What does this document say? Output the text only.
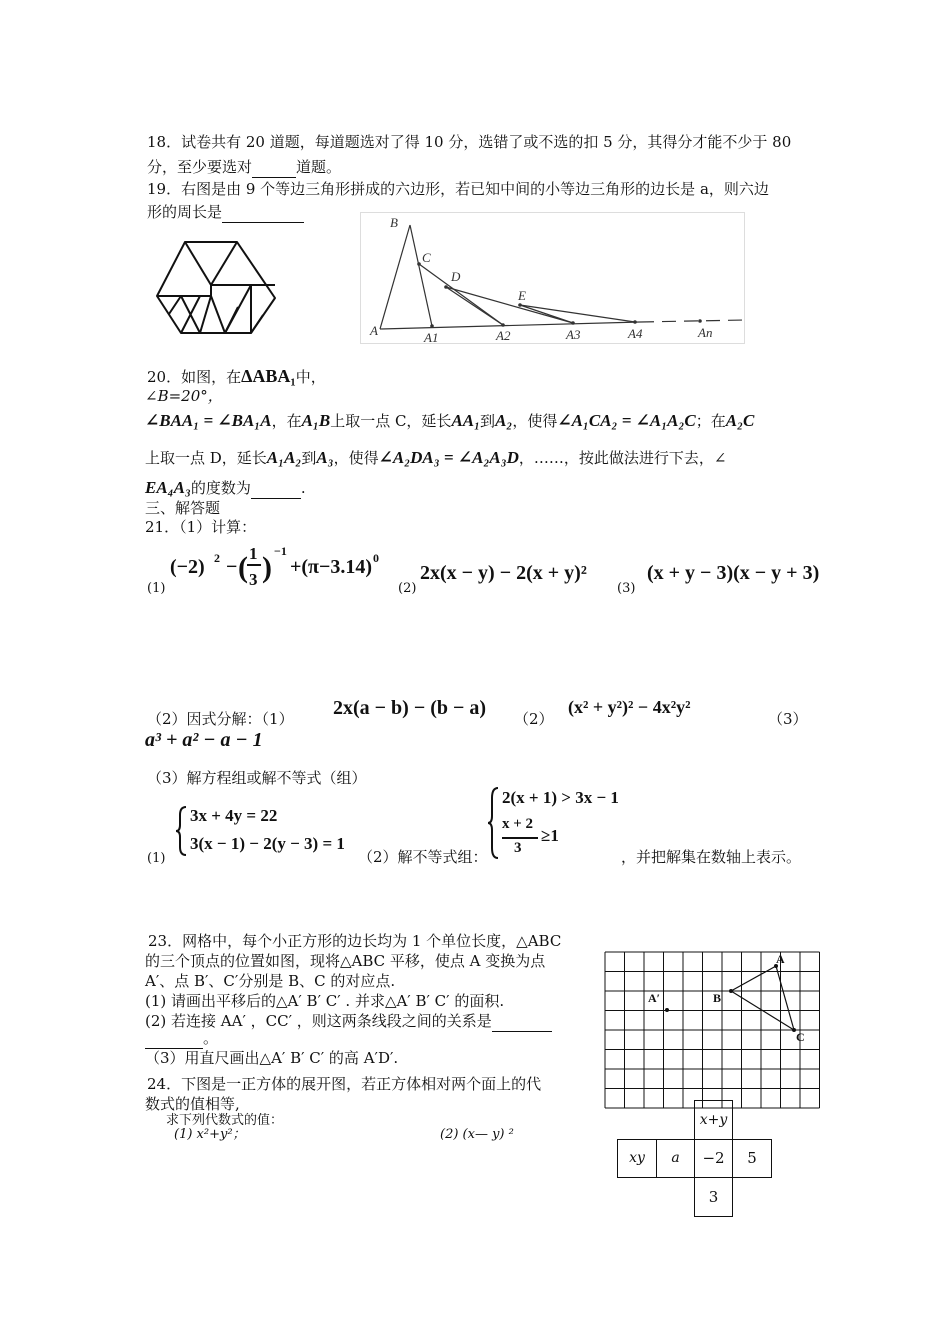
18．试卷共有 20 道题，每道题选对了得 10 分，选错了或不选的扣 5 分，其得分才能不少于 80
分，至少要选对	道题。
19．右图是由 9 个等边三角形拼成的六边形，若已知中间的小等边三角形的边长是 a，则六边
形的周长是
B
C
D
E
A	A1	A2	A3	A4	An
20．如图，在ΔABA₁中，
∠B=20°，
∠BAA₁ = ∠BA₁A，在A₁B上取一点 C，延长AA₁到A₂，使得∠A₁CA₂ = ∠A₁A₂C；在A₂C
上取一点 D，延长A₁A₂到A₃，使得∠A₂DA₃ = ∠A₂A₃D，……，按此做法进行下去，∠
EA₄A₃的度数为	.
三、解答题
21．（1）计算：
(1)
(−2) 2 − ( 1
3 ) −1
+(π−3.14) 0
(2)
2x(x − y) − 2(x + y)²
(3)
(x + y − 3)(x − y + 3)
（2）因式分解：（1） 2x(a − b) − (b − a) （2）
(x² + y²)² − 4x²y²
（3）
a³ + a² − a − 1
（3）解方程组或解不等式（组）
(1)
3x + 4y = 22
3(x − 1) − 2(y − 3) = 1
（2）解不等式组：
2(x + 1) > 3x − 1
x + 2
3
≥1
，并把解集在数轴上表示。
23．网格中，每个小正方形的边长均为 1 个单位长度，△ABC
的三个顶点的位置如图，现将△ABC 平移，使点 A 变换为点
A′、点 B′、C′分别是 B、C 的对应点.
(1) 请画出平移后的△A′ B′ C′ . 并求△A′ B′ C′ 的面积.
(2) 若连接 AA′ ，CC′ ，则这两条线段之间的关系是
。
（3）用直尺画出△A′ B′ C′ 的高 A′D′.
A
B
C
A′
24．下图是一正方体的展开图，若正方体相对两个面上的代
数式的值相等,
求下列代数式的值：
(1) x²+y²；	(2) (x— y) ²
x+y
xy	a	−2	5
3
